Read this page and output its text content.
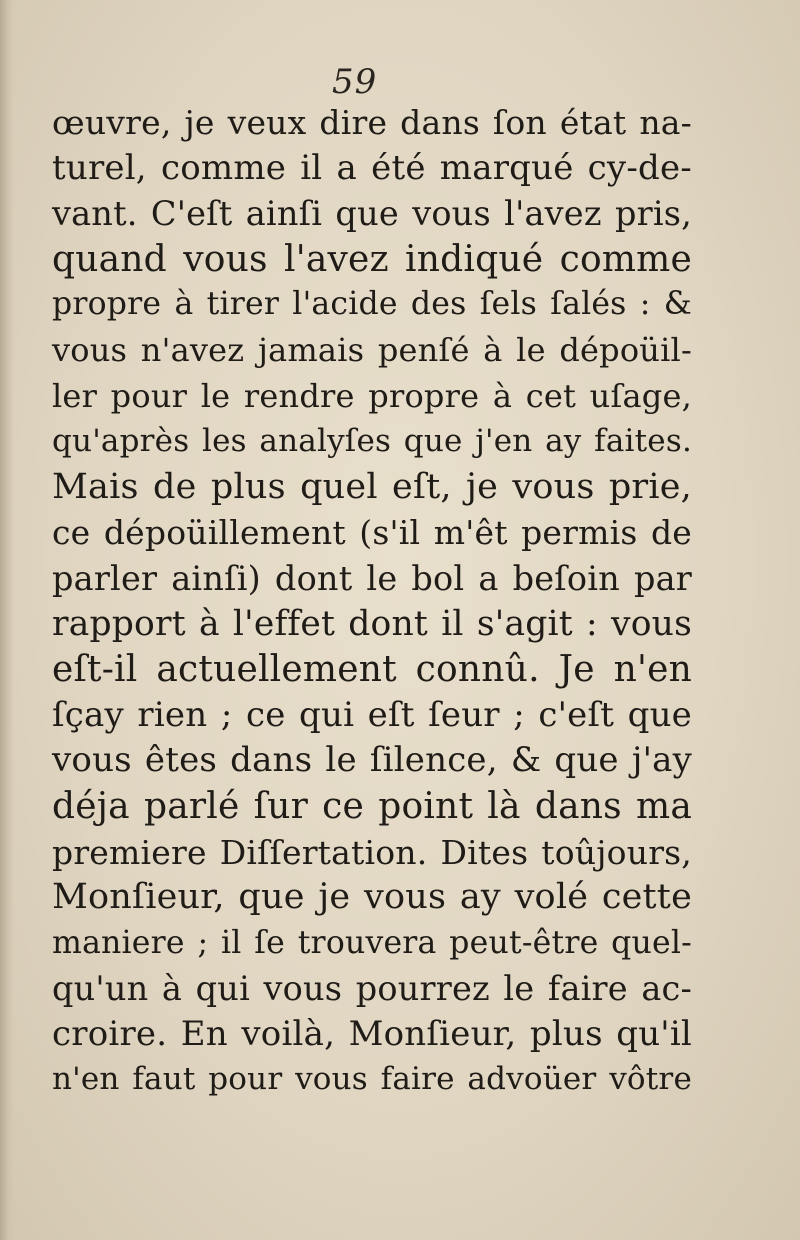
59
œuvre, je veux dire dans ſon état na-
turel, comme il a été marqué cy-de-
vant. C'eſt ainſi que vous l'avez pris,
quand vous l'avez indiqué comme
propre à tirer l'acide des ſels ſalés : &
vous n'avez jamais penſé à le dépoüil-
ler pour le rendre propre à cet uſage,
qu'après les analyſes que j'en ay faites.
Mais de plus quel eſt, je vous prie,
ce dépoüillement (s'il m'êt permis de
parler ainſi) dont le bol a beſoin par
rapport à l'effet dont il s'agit : vous
eſt-il actuellement connû. Je n'en
ſçay rien ; ce qui eſt ſeur ; c'eſt que
vous êtes dans le ſilence, & que j'ay
déja parlé ſur ce point là dans ma
premiere Diſſertation. Dites toûjours,
Monſieur, que je vous ay volé cette
maniere ; il ſe trouvera peut-être quel-
qu'un à qui vous pourrez le faire ac-
croire. En voilà, Monſieur, plus qu'il
n'en faut pour vous faire advoüer vôtre
